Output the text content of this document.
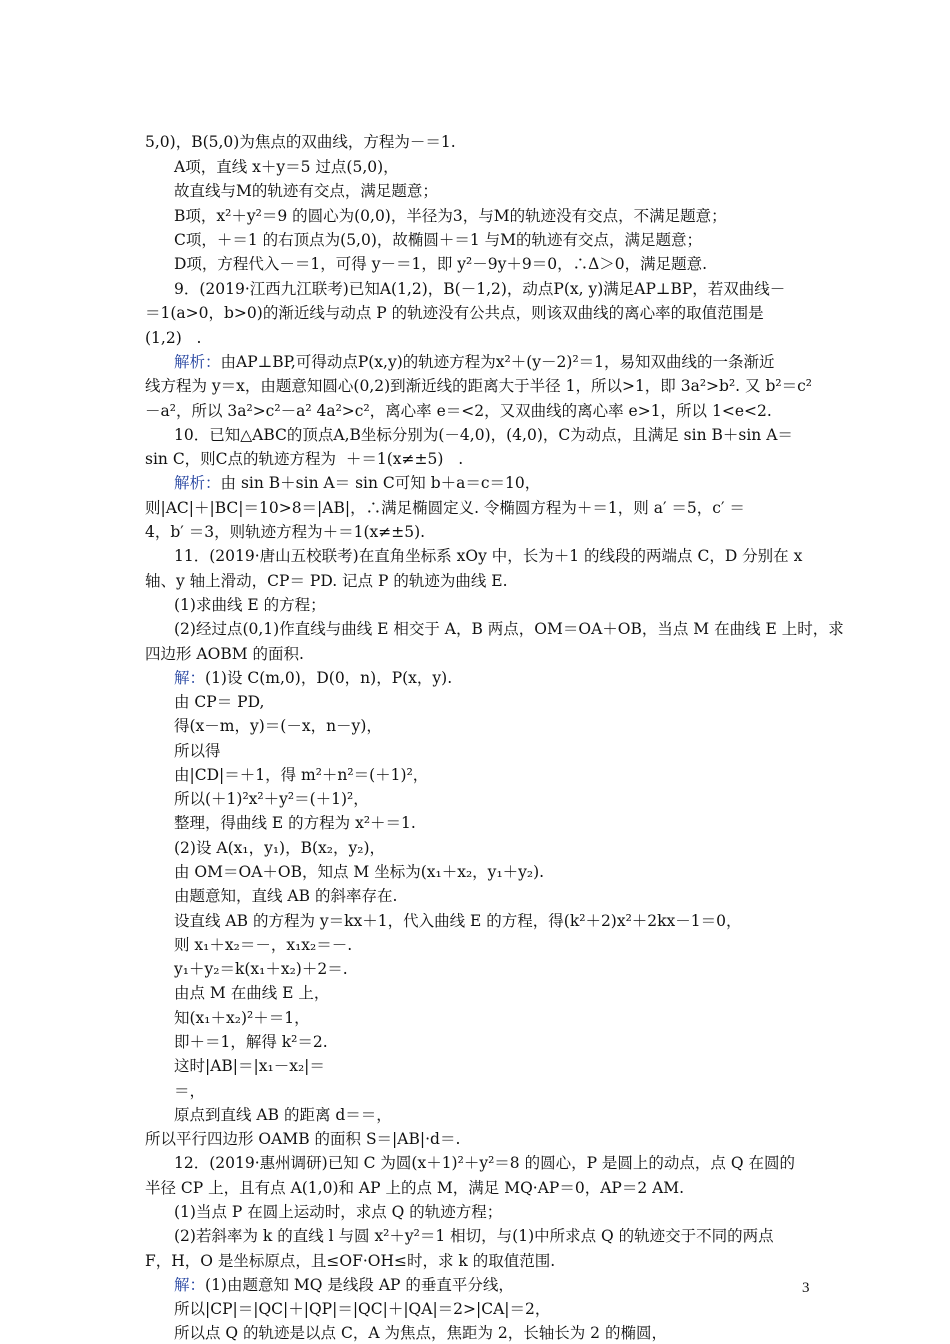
5,0)，B(5,0)为焦点的双曲线，方程为－＝1.
A项，直线 x＋y＝5 过点(5,0)，
故直线与M的轨迹有交点，满足题意；
B项，x²＋y²＝9 的圆心为(0,0)，半径为3，与M的轨迹没有交点，不满足题意；
C项，＋＝1 的右顶点为(5,0)，故椭圆＋＝1 与M的轨迹有交点，满足题意；
D项，方程代入－＝1，可得 y－＝1，即 y²－9y＋9＝0，∴Δ＞0，满足题意.
9．(2019·江西九江联考)已知A(1,2)，B(－1,2)，动点P(x, y)满足AP⊥BP，若双曲线－
＝1(a>0，b>0)的渐近线与动点 P 的轨迹没有公共点，则该双曲线的离心率的取值范围是
(1,2)   .
解析：由AP⊥BP,可得动点P(x,y)的轨迹方程为x²＋(y－2)²＝1，易知双曲线的一条渐近
线方程为 y＝x，由题意知圆心(0,2)到渐近线的距离大于半径 1，所以>1，即 3a²>b². 又 b²＝c²
－a²，所以 3a²>c²－a² 4a²>c²，离心率 e＝<2，又双曲线的离心率 e>1，所以 1<e<2.
10．已知△ABC的顶点A,B坐标分别为(－4,0)，(4,0)，C为动点，且满足 sin B＋sin A＝
sin C，则C点的轨迹方程为  ＋＝1(x≠±5)   .
解析：由 sin B＋sin A＝ sin C可知 b＋a＝c＝10，
则|AC|＋|BC|＝10>8＝|AB|，∴满足椭圆定义. 令椭圆方程为＋＝1，则 a′ ＝5，c′ ＝
4，b′ ＝3，则轨迹方程为＋＝1(x≠±5).
11．(2019·唐山五校联考)在直角坐标系 xOy 中，长为＋1 的线段的两端点 C，D 分别在 x
轴、y 轴上滑动，CP＝ PD. 记点 P 的轨迹为曲线 E.
(1)求曲线 E 的方程；
(2)经过点(0,1)作直线与曲线 E 相交于 A，B 两点，OM＝OA＋OB，当点 M 在曲线 E 上时，求
四边形 AOBM 的面积.
解：(1)设 C(m,0)，D(0，n)，P(x，y).
由 CP＝ PD,
得(x－m，y)＝(－x，n－y)，
所以得
由|CD|＝＋1，得 m²＋n²＝(＋1)²，
所以(＋1)²x²＋y²＝(＋1)²，
整理，得曲线 E 的方程为 x²＋＝1.
(2)设 A(x₁，y₁)，B(x₂，y₂)，
由 OM＝OA＋OB，知点 M 坐标为(x₁＋x₂，y₁＋y₂).
由题意知，直线 AB 的斜率存在.
设直线 AB 的方程为 y＝kx＋1，代入曲线 E 的方程，得(k²＋2)x²＋2kx－1＝0，
则 x₁＋x₂＝－，x₁x₂＝－.
y₁＋y₂＝k(x₁＋x₂)＋2＝.
由点 M 在曲线 E 上，
知(x₁＋x₂)²＋＝1，
即＋＝1，解得 k²＝2.
这时|AB|＝|x₁－x₂|＝
＝，
原点到直线 AB 的距离 d＝＝，
所以平行四边形 OAMB 的面积 S＝|AB|·d＝.
12．(2019·惠州调研)已知 C 为圆(x＋1)²＋y²＝8 的圆心，P 是圆上的动点，点 Q 在圆的
半径 CP 上，且有点 A(1,0)和 AP 上的点 M，满足 MQ·AP＝0，AP＝2 AM.
(1)当点 P 在圆上运动时，求点 Q 的轨迹方程；
(2)若斜率为 k 的直线 l 与圆 x²＋y²＝1 相切，与(1)中所求点 Q 的轨迹交于不同的两点
F，H，O 是坐标原点，且≤OF·OH≤时，求 k 的取值范围.
解：(1)由题意知 MQ 是线段 AP 的垂直平分线，
所以|CP|＝|QC|＋|QP|＝|QC|＋|QA|＝2>|CA|＝2，
所以点 Q 的轨迹是以点 C，A 为焦点，焦距为 2，长轴长为 2 的椭圆，
3
